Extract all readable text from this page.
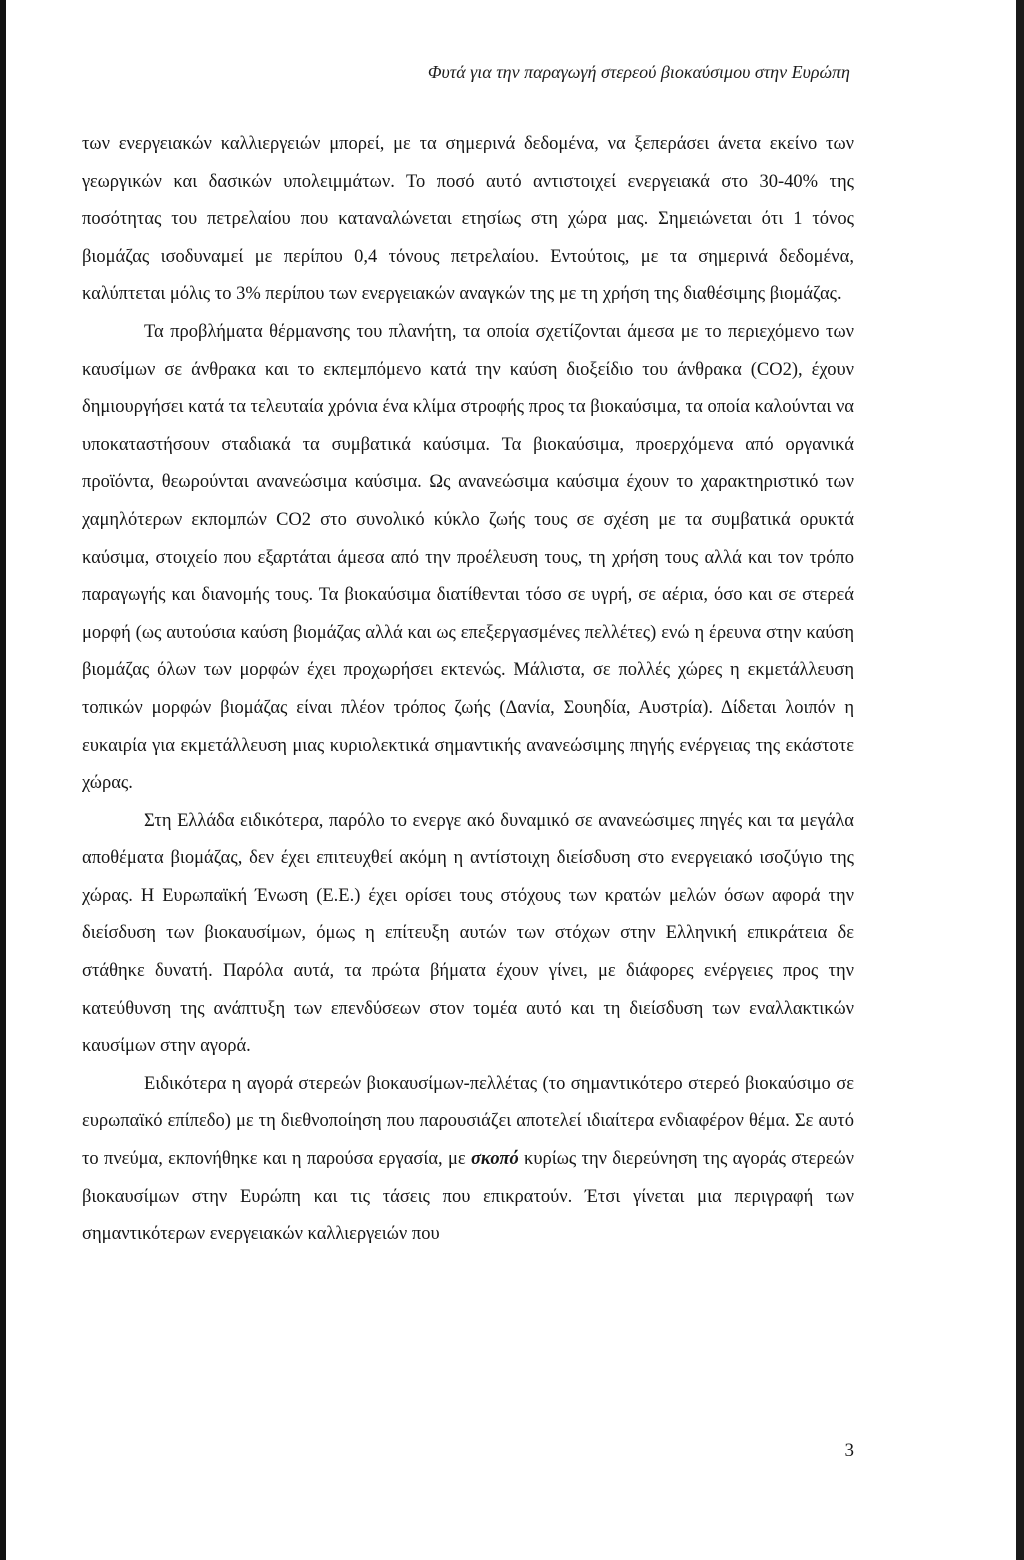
Φυτά για την παραγωγή στερεού βιοκαύσιμου στην Ευρώπη

των ενεργειακών καλλιεργειών μπορεί, με τα σημερινά δεδομένα, να ξεπεράσει άνετα εκείνο των γεωργικών και δασικών υπολειμμάτων. Το ποσό αυτό αντιστοιχεί ενεργειακά στο 30-40% της ποσότητας του πετρελαίου που καταναλώνεται ετησίως στη χώρα μας. Σημειώνεται ότι 1 τόνος βιομάζας ισοδυναμεί με περίπου 0,4 τόνους πετρελαίου. Εντούτοις, με τα σημερινά δεδομένα, καλύπτεται μόλις το 3% περίπου των ενεργειακών αναγκών της με τη χρήση της διαθέσιμης βιομάζας.

Τα προβλήματα θέρμανσης του πλανήτη, τα οποία σχετίζονται άμεσα με το περιεχόμενο των καυσίμων σε άνθρακα και το εκπεμπόμενο κατά την καύση διοξείδιο του άνθρακα (CO2), έχουν δημιουργήσει κατά τα τελευταία χρόνια ένα κλίμα στροφής προς τα βιοκαύσιμα, τα οποία καλούνται να υποκαταστήσουν σταδιακά τα συμβατικά καύσιμα. Τα βιοκαύσιμα, προερχόμενα από οργανικά προϊόντα, θεωρούνται ανανεώσιμα καύσιμα. Ως ανανεώσιμα καύσιμα έχουν το χαρακτηριστικό των χαμηλότερων εκπομπών CO2 στο συνολικό κύκλο ζωής τους σε σχέση με τα συμβατικά ορυκτά καύσιμα, στοιχείο που εξαρτάται άμεσα από την προέλευση τους, τη χρήση τους αλλά και τον τρόπο παραγωγής και διανομής τους. Τα βιοκαύσιμα διατίθενται τόσο σε υγρή, σε αέρια, όσο και σε στερεά μορφή (ως αυτούσια καύση βιομάζας αλλά και ως επεξεργασμένες πελλέτες) ενώ η έρευνα στην καύση βιομάζας όλων των μορφών έχει προχωρήσει εκτενώς. Μάλιστα, σε πολλές χώρες η εκμετάλλευση τοπικών μορφών βιομάζας είναι πλέον τρόπος ζωής (Δανία, Σουηδία, Αυστρία). Δίδεται λοιπόν η ευκαιρία για εκμετάλλευση μιας κυριολεκτικά σημαντικής ανανεώσιμης πηγής ενέργειας της εκάστοτε χώρας.

Στη Ελλάδα ειδικότερα, παρόλο το ενεργε ακό δυναμικό σε ανανεώσιμες πηγές και τα μεγάλα αποθέματα βιομάζας, δεν έχει επιτευχθεί ακόμη η αντίστοιχη διείσδυση στο ενεργειακό ισοζύγιο της χώρας. Η Ευρωπαϊκή Ένωση (Ε.Ε.) έχει ορίσει τους στόχους των κρατών μελών όσων αφορά την διείσδυση των βιοκαυσίμων, όμως η επίτευξη αυτών των στόχων στην Ελληνική επικράτεια δε στάθηκε δυνατή. Παρόλα αυτά, τα πρώτα βήματα έχουν γίνει, με διάφορες ενέργειες προς την κατεύθυνση της ανάπτυξη των επενδύσεων στον τομέα αυτό και τη διείσδυση των εναλλακτικών καυσίμων στην αγορά.

Ειδικότερα η αγορά στερεών βιοκαυσίμων-πελλέτας (το σημαντικότερο στερεό βιοκαύσιμο σε ευρωπαϊκό επίπεδο) με τη διεθνοποίηση που παρουσιάζει αποτελεί ιδιαίτερα ενδιαφέρον θέμα. Σε αυτό το πνεύμα, εκπονήθηκε και η παρούσα εργασία, με σκοπό κυρίως την διερεύνηση της αγοράς στερεών βιοκαυσίμων στην Ευρώπη και τις τάσεις που επικρατούν. Έτσι γίνεται μια περιγραφή των σημαντικότερων ενεργειακών καλλιεργειών που

3
